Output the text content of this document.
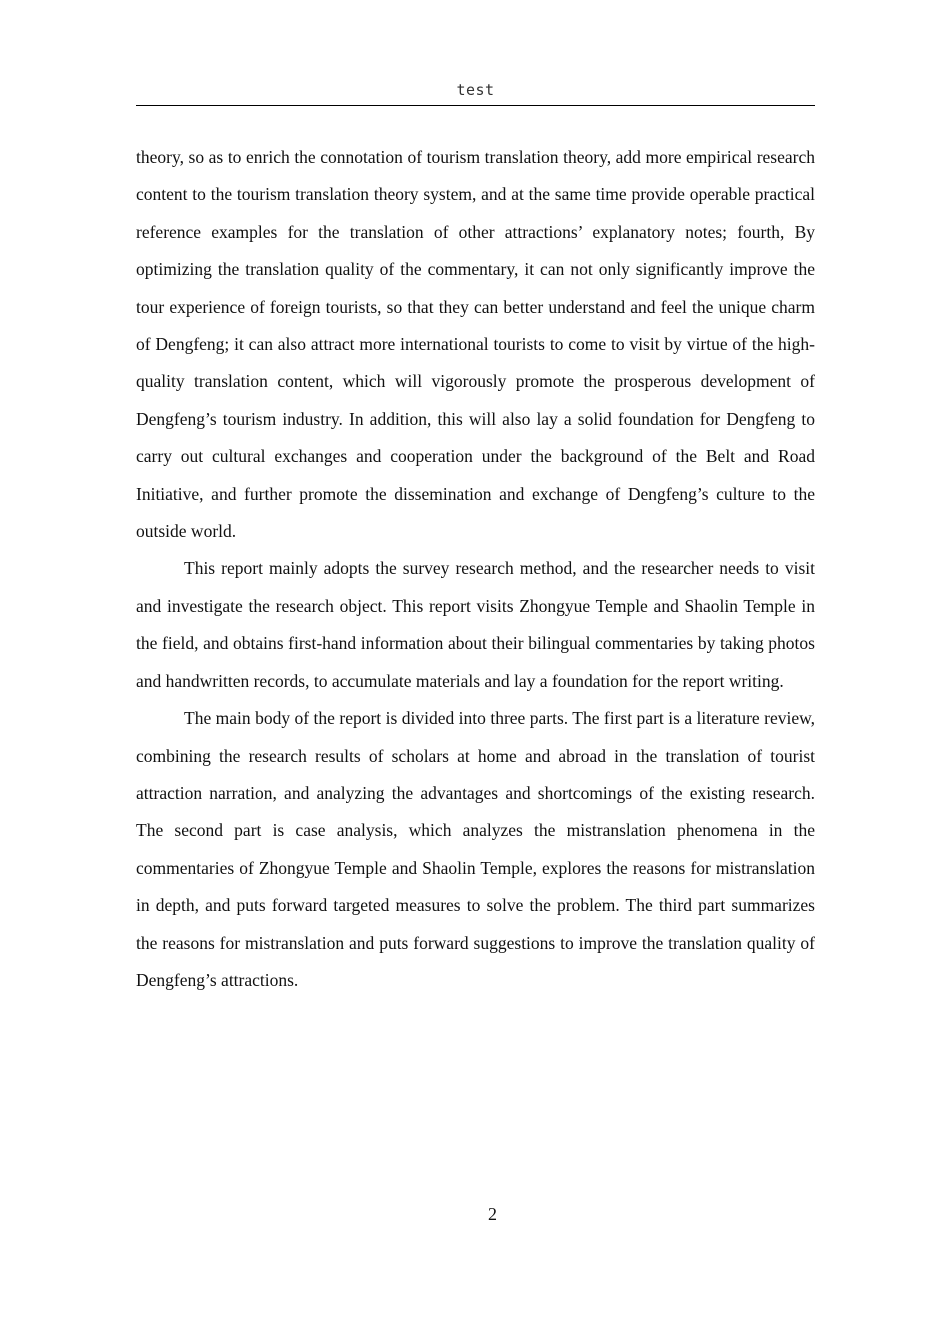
test

theory, so as to enrich the connotation of tourism translation theory, add more empirical research content to the tourism translation theory system, and at the same time provide operable practical reference examples for the translation of other attractions’ explanatory notes; fourth, By optimizing the translation quality of the commentary, it can not only significantly improve the tour experience of foreign tourists, so that they can better understand and feel the unique charm of Dengfeng; it can also attract more international tourists to come to visit by virtue of the high-quality translation content, which will vigorously promote the prosperous development of Dengfeng’s tourism industry. In addition, this will also lay a solid foundation for Dengfeng to carry out cultural exchanges and cooperation under the background of the Belt and Road Initiative, and further promote the dissemination and exchange of Dengfeng’s culture to the outside world.

This report mainly adopts the survey research method, and the researcher needs to visit and investigate the research object. This report visits Zhongyue Temple and Shaolin Temple in the field, and obtains first-hand information about their bilingual commentaries by taking photos and handwritten records, to accumulate materials and lay a foundation for the report writing.

The main body of the report is divided into three parts. The first part is a literature review, combining the research results of scholars at home and abroad in the translation of tourist attraction narration, and analyzing the advantages and shortcomings of the existing research. The second part is case analysis, which analyzes the mistranslation phenomena in the commentaries of Zhongyue Temple and Shaolin Temple, explores the reasons for mistranslation in depth, and puts forward targeted measures to solve the problem. The third part summarizes the reasons for mistranslation and puts forward suggestions to improve the translation quality of Dengfeng’s attractions.

2
